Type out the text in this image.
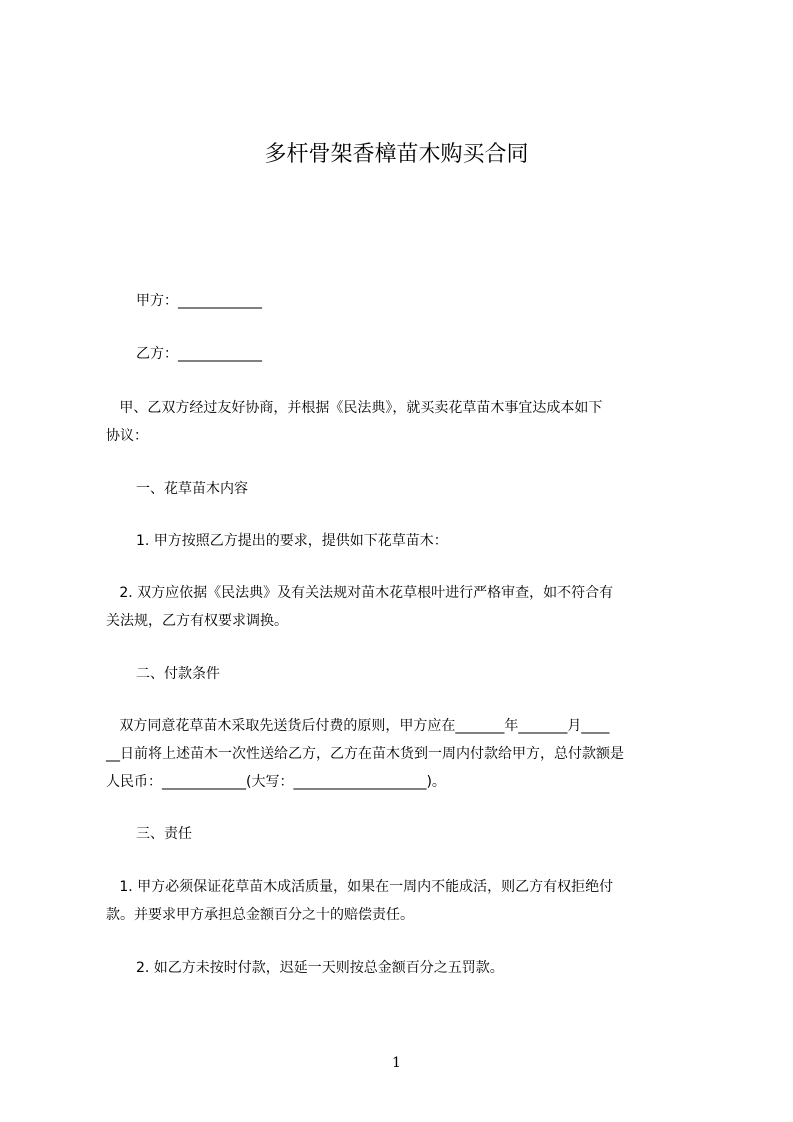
多杆骨架香樟苗木购买合同
甲方：____________
乙方：____________
甲、乙双方经过友好协商，并根据《民法典》，就买卖花草苗木事宜达成本如下
协议：
一、花草苗木内容
1. 甲方按照乙方提出的要求，提供如下花草苗木：
2. 双方应依据《民法典》及有关法规对苗木花草根叶进行严格审查，如不符合有
关法规，乙方有权要求调换。
二、付款条件
双方同意花草苗木采取先送货后付费的原则，甲方应在_______年_______月____
__日前将上述苗木一次性送给乙方，乙方在苗木货到一周内付款给甲方，总付款额是
人民币：____________(大写：___________________)。
三、责任
1. 甲方必须保证花草苗木成活质量，如果在一周内不能成活，则乙方有权拒绝付
款。并要求甲方承担总金额百分之十的赔偿责任。
2. 如乙方未按时付款，迟延一天则按总金额百分之五罚款。
1
